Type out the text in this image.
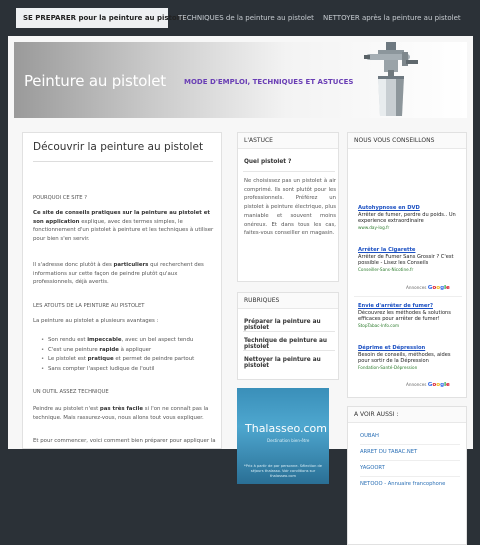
SE PREPARER pour la peinture au pistolet
TECHNIQUES de la peinture au pistolet NETTOYER après la peinture au pistolet
Peinture au pistolet	MODE D'EMPLOI, TECHNIQUES ET ASTUCES
Découvrir la peinture au pistolet
POURQUOI CE SITE ?
Ce site de conseils pratiques sur la peinture au pistolet et son application explique, avec des termes simples, le fonctionnement d'un pistolet à peinture et les techniques à utiliser pour bien s'en servir.
Il s'adresse donc plutôt à des particuliers qui recherchent des informations sur cette façon de peindre plutôt qu'aux professionnels, déjà avertis.
LES ATOUTS DE LA PEINTURE AU PISTOLET
La peinture au pistolet a plusieurs avantages :
• Son rendu est impeccable, avec un bel aspect tendu
• C'est une peinture rapide à appliquer
• Le pistolet est pratique et permet de peindre partout
• Sans compter l'aspect ludique de l'outil
UN OUTIL ASSEZ TECHNIQUE
Peindre au pistolet n'est pas très facile si l'on ne connaît pas la technique. Mais rassurez-vous, nous allons tout vous expliquer.
Et pour commencer, voici comment bien préparer pour appliquer la
L'ASTUCE
Quel pistolet ?
Ne choisissez pas un pistolet à air comprimé. Ils sont plutôt pour les professionnels. Préférez un pistolet à peinture électrique, plus maniable et souvent moins onéreux. Et dans tous les cas, faites-vous conseiller en magasin.
RUBRIQUES
Préparer la peinture au pistolet
Technique de peinture au pistolet
Nettoyer la peinture au pistolet
Thalasseo.com
Destination bien-être
*Prix à partir de par personne. Sélection de séjours thalasso. Voir conditions sur thalasseo.com
NOUS VOUS CONSEILLONS
Autohypnose en DVD
Arrêter de fumer, perdre du poids.. Un experience extraordinaire
www.day-log.fr
Arrêter la Cigarette
Arrêter de Fumer Sans Grossir ? C'est possible - Lisez les Conseils
Conseiller-Sans-Nicotine.fr
Annonces Google
Envie d'arrêter de fumer?
Découvrez les méthodes & solutions efficaces pour arrêter de fumer!
StopTabac-Info.com
Déprime et Dépression
Besoin de conseils, méthodes, aides pour sortir de la Dépression
Fondation-Santé-Dépression
Annonces Google
A VOIR AUSSI :
OUBAH
ARRET DU TABAC.NET
YAGOORT
NETOOO - Annuaire francophone
